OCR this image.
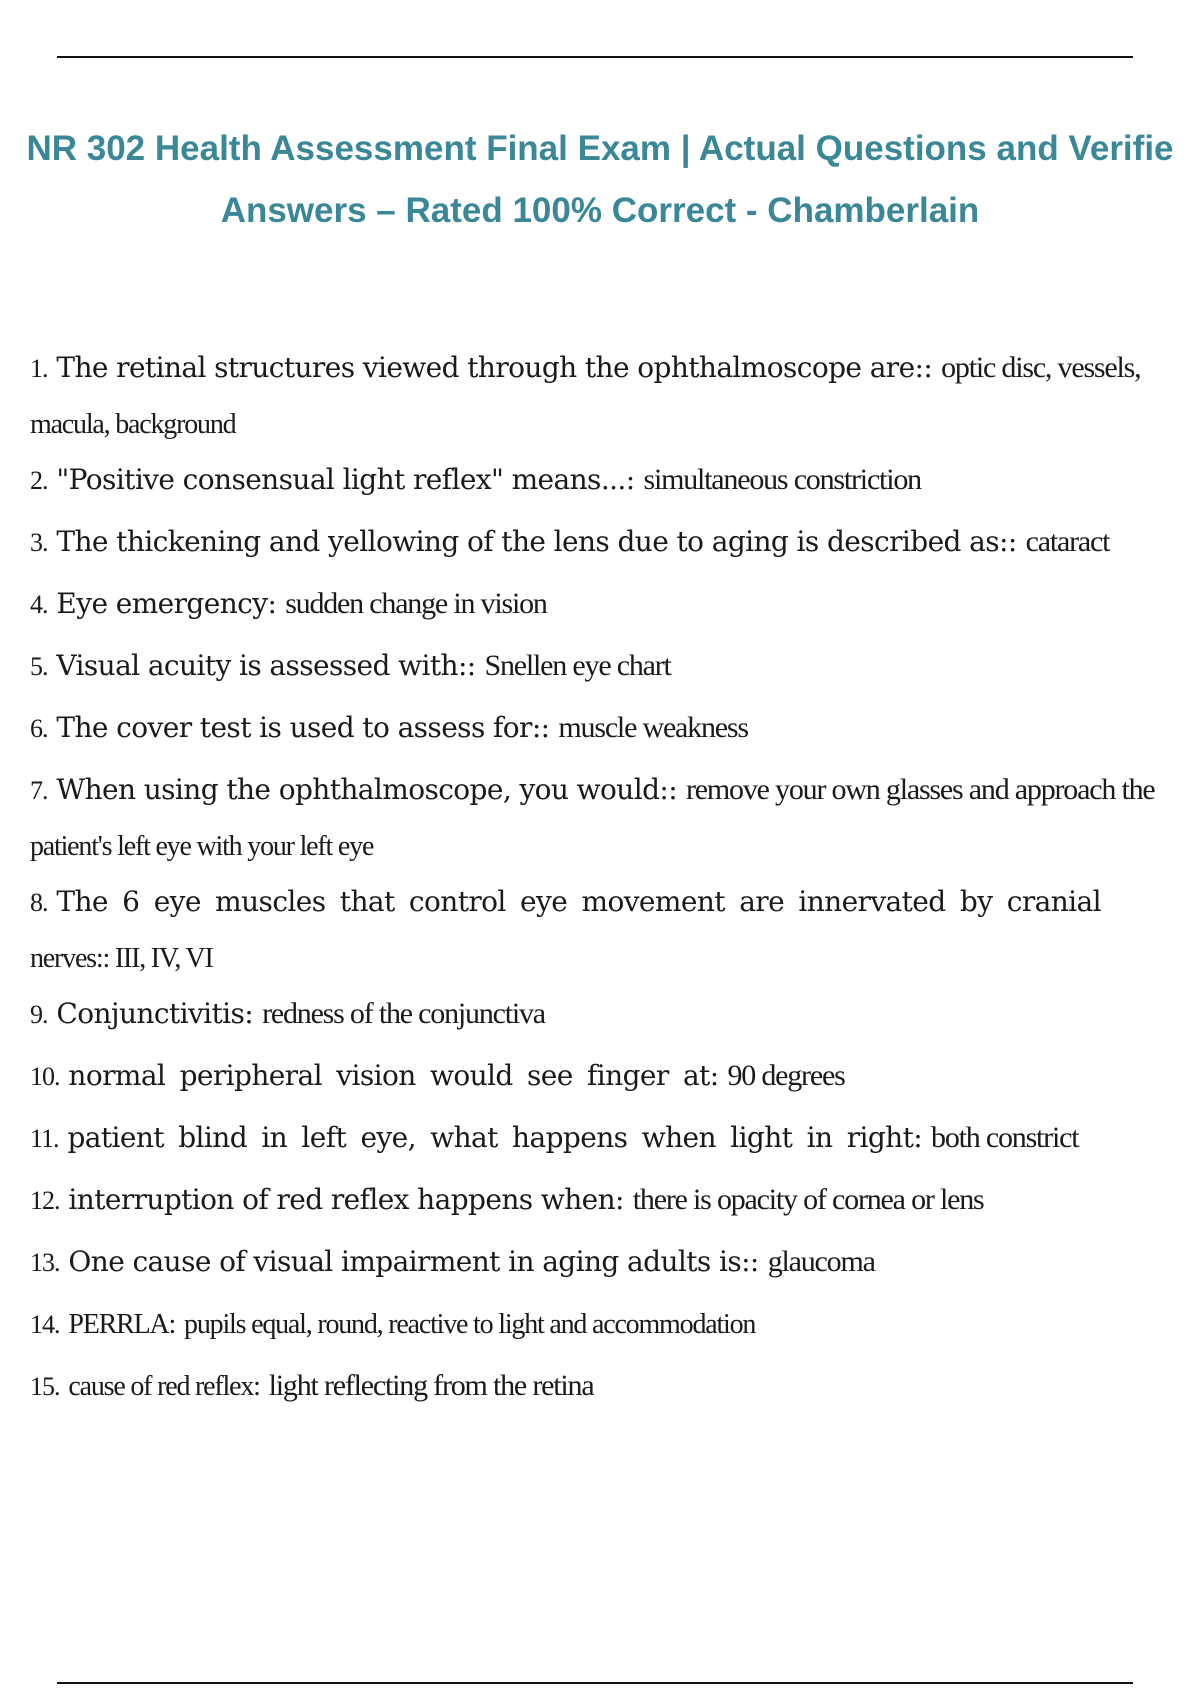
NR 302 Health Assessment Final Exam | Actual Questions and Verifie
Answers – Rated 100% Correct - Chamberlain
1. The retinal structures viewed through the ophthalmoscope are:: optic disc, vessels,
macula, background
2. "Positive consensual light reflex" means...: simultaneous constriction
3. The thickening and yellowing of the lens due to aging is described as:: cataract
4. Eye emergency: sudden change in vision
5. Visual acuity is assessed with:: Snellen eye chart
6. The cover test is used to assess for:: muscle weakness
7. When using the ophthalmoscope, you would:: remove your own glasses and approach the
patient's left eye with your left eye
8. The 6 eye muscles that control eye movement are innervated by cranial
nerves:: III, IV, VI
9. Conjunctivitis: redness of the conjunctiva
10. normal peripheral vision would see finger at: 90 degrees
11. patient blind in left eye, what happens when light in right: both constrict
12. interruption of red reflex happens when: there is opacity of cornea or lens
13. One cause of visual impairment in aging adults is:: glaucoma
14. PERRLA: pupils equal, round, reactive to light and accommodation
15. cause of red reflex: light reflecting from the retina
